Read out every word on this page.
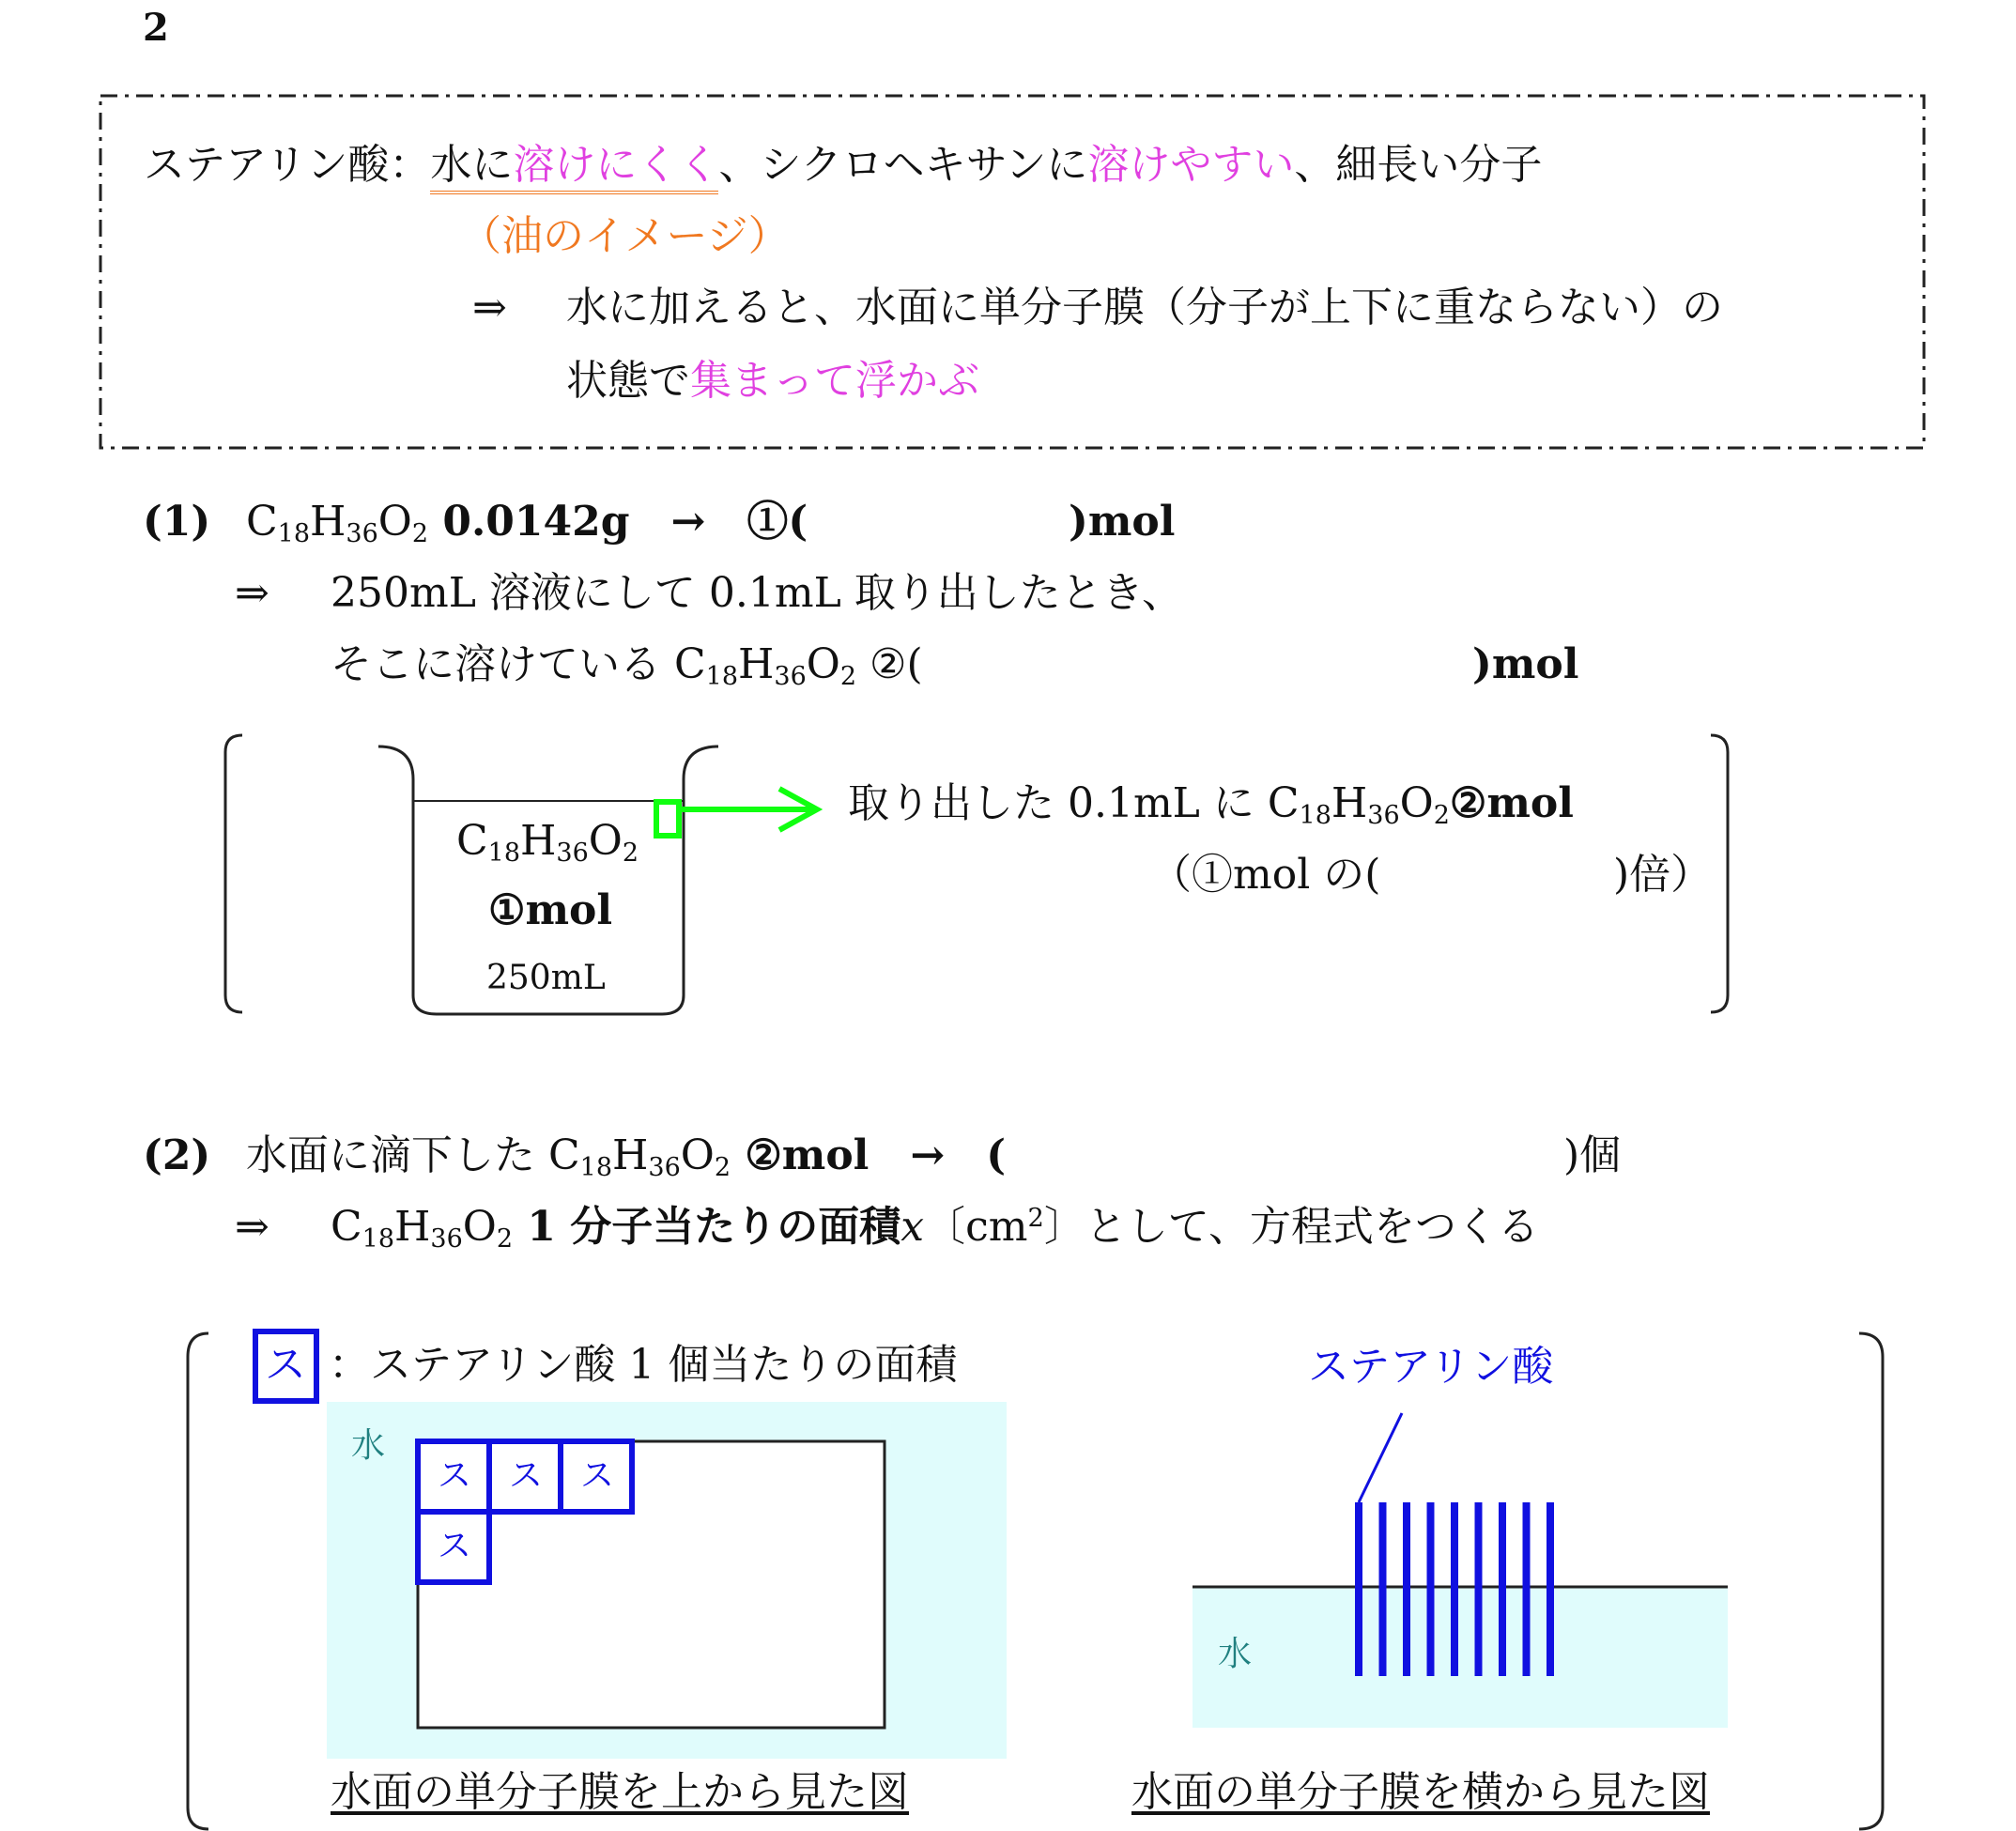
2
ステアリン酸：水に溶けにくく、シクロヘキサンに溶けやすい、細長い分子
（油のイメージ）
⇒ 水に加えると、水面に単分子膜（分子が上下に重ならない）の
状態で集まって浮かぶ
(1) $C_{18}H36O2$ 0.0142g　→　①(	)mol
⇒ 250mL 溶液にして 0.1mL 取り出したとき、
そこに溶けている C18H36O2 ②(	)mol
C18H36O2
①mol
250mL
取り出した 0.1mL に C18H36O2②mol
（①mol の(	)倍）
(2) 水面に滴下した C18H36O2 ②mol　→　(	)個
⇒ C18H36O2 1 分子当たりの面積x〔$cm^2$〕として、方程式をつくる
ス ：ステアリン酸 1 個当たりの面積
水
ス ス ス
ス
水面の単分子膜を上から見た図
ステアリン酸
水
水面の単分子膜を横から見た図
